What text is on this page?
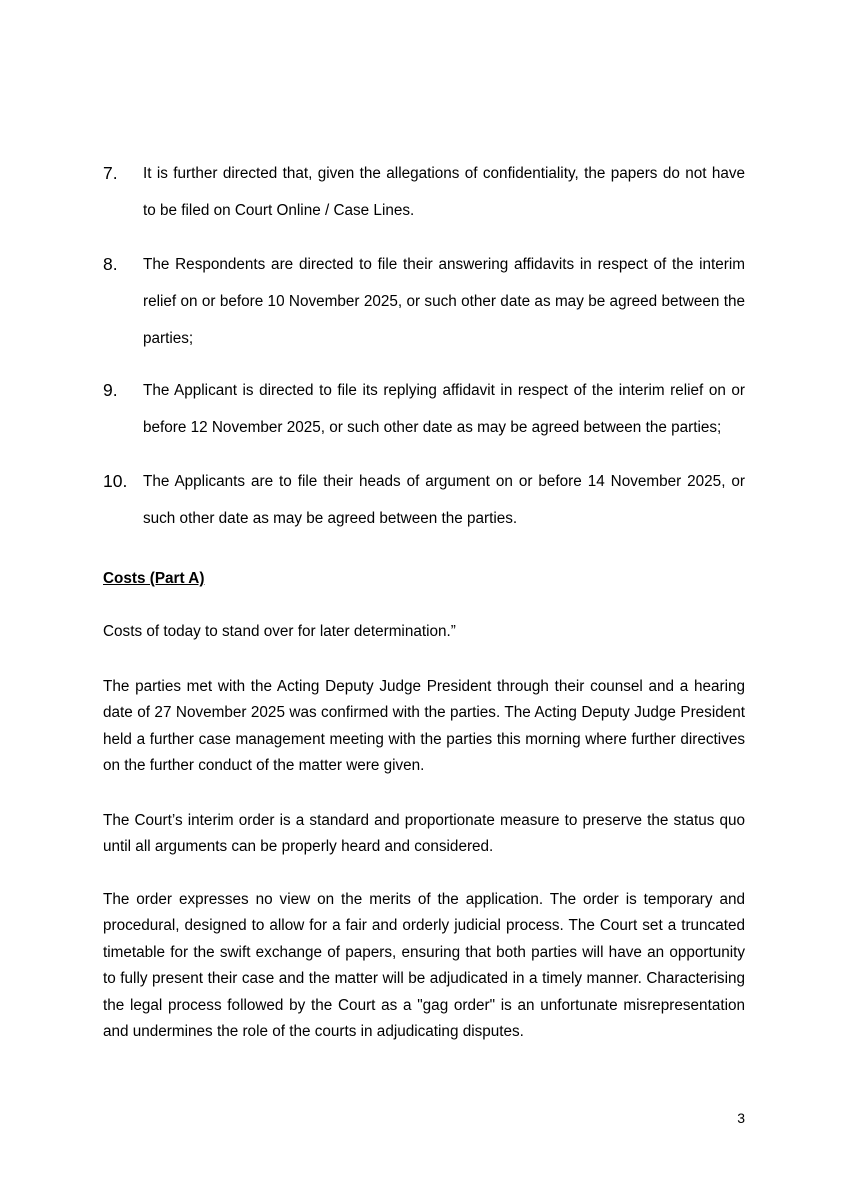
7. It is further directed that, given the allegations of confidentiality, the papers do not have to be filed on Court Online / Case Lines.
8. The Respondents are directed to file their answering affidavits in respect of the interim relief on or before 10 November 2025, or such other date as may be agreed between the parties;
9. The Applicant is directed to file its replying affidavit in respect of the interim relief on or before 12 November 2025, or such other date as may be agreed between the parties;
10. The Applicants are to file their heads of argument on or before 14 November 2025, or such other date as may be agreed between the parties.
Costs (Part A)

Costs of today to stand over for later determination.”

The parties met with the Acting Deputy Judge President through their counsel and a hearing date of 27 November 2025 was confirmed with the parties. The Acting Deputy Judge President held a further case management meeting with the parties this morning where further directives on the further conduct of the matter were given.

The Court’s interim order is a standard and proportionate measure to preserve the status quo until all arguments can be properly heard and considered.

The order expresses no view on the merits of the application. The order is temporary and procedural, designed to allow for a fair and orderly judicial process. The Court set a truncated timetable for the swift exchange of papers, ensuring that both parties will have an opportunity to fully present their case and the matter will be adjudicated in a timely manner. Characterising the legal process followed by the Court as a "gag order" is an unfortunate misrepresentation and undermines the role of the courts in adjudicating disputes.

3
